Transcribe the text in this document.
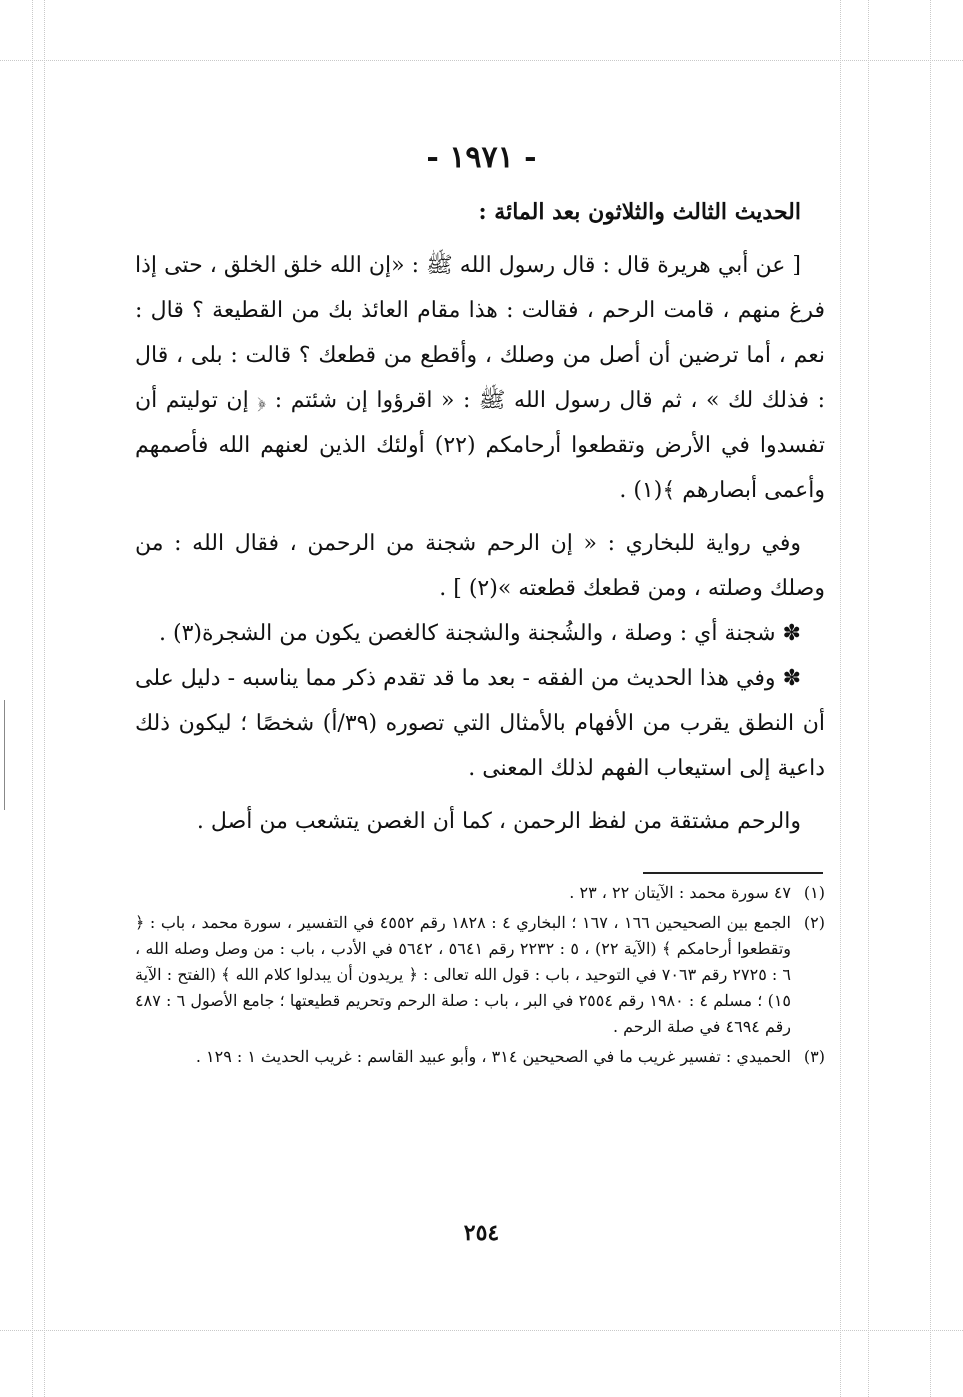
- ١٩٧١ -

الحديث الثالث والثلاثون بعد المائة :

[ عن أبي هريرة قال : قال رسول الله ﷺ : «إن الله خلق الخلق ، حتى إذا فرغ منهم ، قامت الرحم ، فقالت : هذا مقام العائذ بك من القطيعة ؟ قال : نعم ، أما ترضين أن أصل من وصلك ، وأقطع من قطعك ؟ قالت : بلى ، قال : فذلك لك » ، ثم قال رسول الله ﷺ : « اقرؤوا إن شئتم : ﴿ إن توليتم أن تفسدوا في الأرض وتقطعوا أرحامكم (٢٢) أولئك الذين لعنهم الله فأصمهم وأعمى أبصارهم ﴾(١) .

وفي رواية للبخاري : « إن الرحم شجنة من الرحمن ، فقال الله : من وصلك وصلته ، ومن قطعك قطعته »(٢) ] .

✽ شجنة أي : وصلة ، والشُجنة والشجنة كالغصن يكون من الشجرة(٣) .

✽ وفي هذا الحديث من الفقه - بعد ما قد تقدم ذكر مما يناسبه - دليل على أن النطق يقرب من الأفهام بالأمثال التي تصوره (٣٩/أ) شخصًا ؛ ليكون ذلك داعية إلى استيعاب الفهم لذلك المعنى .

والرحم مشتقة من لفظ الرحمن ، كما أن الغصن يتشعب من أصل .

(١)
٤٧ سورة محمد : الآيتان ٢٢ ، ٢٣ .
(٢)
الجمع بين الصحيحين ١٦٦ ، ١٦٧ ؛ البخاري ٤ : ١٨٢٨ رقم ٤٥٥٢ في التفسير ، سورة محمد ، باب : ﴿ وتقطعوا أرحامكم ﴾ (الآية ٢٢) ، ٥ : ٢٢٣٢ رقم ٥٦٤١ ، ٥٦٤٢ في الأدب ، باب : من وصل وصله الله ، ٦ : ٢٧٢٥ رقم ٧٠٦٣ في التوحيد ، باب : قول الله تعالى : ﴿ يريدون أن يبدلوا كلام الله ﴾ (الفتح : الآية ١٥) ؛ مسلم ٤ : ١٩٨٠ رقم ٢٥٥٤ في البر ، باب : صلة الرحم وتحريم قطيعتها ؛ جامع الأصول ٦ : ٤٨٧ رقم ٤٦٩٤ في صلة الرحم .
(٣)
الحميدي : تفسير غريب ما في الصحيحين ٣١٤ ، وأبو عبيد القاسم : غريب الحديث ١ : ١٢٩ .
٢٥٤
